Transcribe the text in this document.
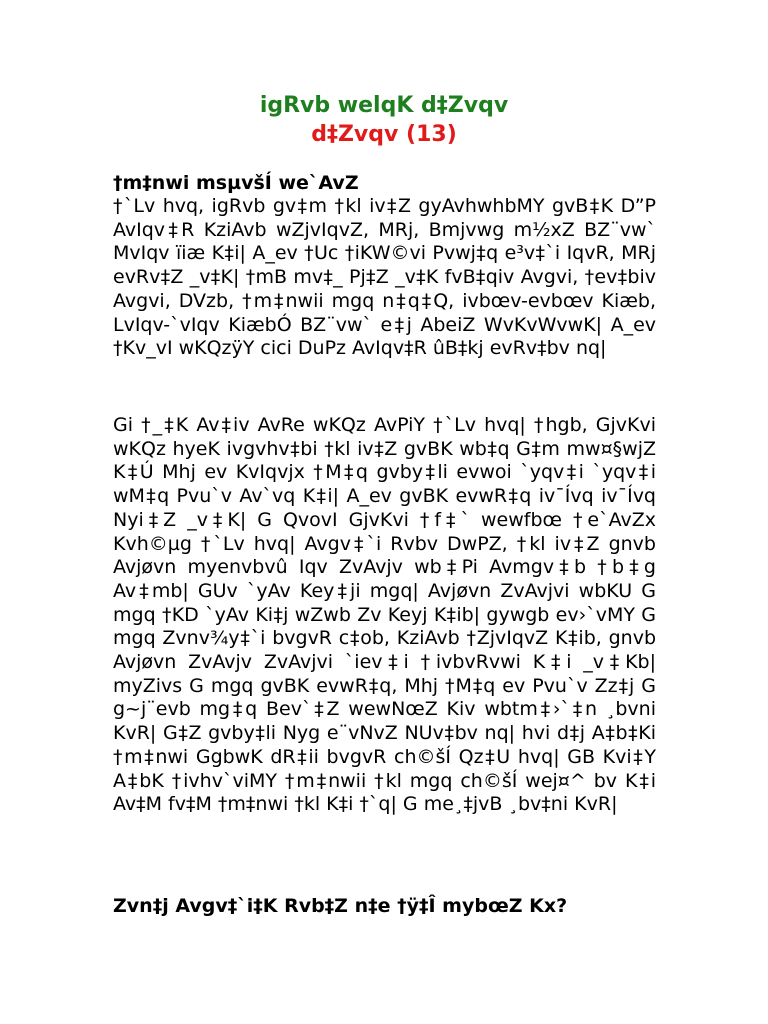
igRvb welqK d‡Zvqv
d‡Zvqv (13)
†m‡nwi msµvšÍ we`AvZ

†`Lv hvq, igRvb gv‡m †kl iv‡Z gyAvhwhbMY gvB‡K D”P AvIqv‡R KziAvb wZjvIqvZ, MRj, Bmjvwg m½xZ BZ¨vw` MvIqv ïiæ K‡i| A_ev †Uc †iKW©vi Pvwj‡q e³v‡`i IqvR, MRj evRv‡Z _v‡K| †mB mv‡_ Pj‡Z _v‡K fvB‡qiv Avgvi, †ev‡biv Avgvi, DVzb, †m‡nwii mgq n‡q‡Q, ivbœv-evbœv Kiæb, LvIqv-`vIqv KiæbÓ BZ¨vw` e‡j AbeiZ WvKvWvwK| A_ev †Kv_vI wKQzÿY cici DuPz AvIqv‡R ûB‡kj evRv‡bv nq|

Gi †_‡K Av‡iv AvRe wKQz AvPiY †`Lv hvq| †hgb, GjvKvi wKQz hyeK ivgvhv‡bi †kl iv‡Z gvBK wb‡q G‡m mw¤§wjZ K‡Ú Mhj ev KvIqvjx †M‡q gvby‡li evwoi `yqv‡i `yqv‡i wM‡q Pvu`v Av`vq K‡i| A_ev gvBK evwR‡q iv¯Ívq iv¯Ívq Nyi‡Z _v‡K| G QvovI GjvKvi †f‡` wewfbœ †e`AvZx Kvh©µg †`Lv hvq| Avgv‡`i Rvbv DwPZ, †kl iv‡Z gnvb Avjøvn myenvbvû Iqv ZvAvjv wb‡Pi Avmgv‡b †b‡g Av‡mb| GUv `yAv Key‡ji mgq| Avjøvn ZvAvjvi wbKU G mgq †KD `yAv Ki‡j wZwb Zv Keyj K‡ib| gywgb ev›`vMY G mgq Zvnv¾y‡`i bvgvR c‡ob, KziAvb †ZjvIqvZ K‡ib, gnvb Avjøvn ZvAvjv ZvAvjvi `iev‡i †ivbvRvwi K‡i _v‡Kb| myZivs G mgq gvBK evwR‡q, Mhj †M‡q ev Pvu`v Zz‡j G g~j¨evb mg‡q Bev`‡Z wewNœZ Kiv wbtm‡›`‡n ¸bvni KvR| G‡Z gvby‡li Nyg e¨vNvZ NUv‡bv nq| hvi d‡j A‡b‡Ki †m‡nwi GgbwK dR‡ii bvgvR ch©šÍ Qz‡U hvq| GB Kvi‡Y A‡bK †ivhv`viMY †m‡nwii †kl mgq ch©šÍ wej¤^ bv K‡i Av‡M fv‡M †m‡nwi †kl K‡i †`q| G me¸‡jvB ¸bv‡ni KvR|

Zvn‡j Avgv‡`i‡K Rvb‡Z n‡e †ÿ‡Î mybœZ Kx?
